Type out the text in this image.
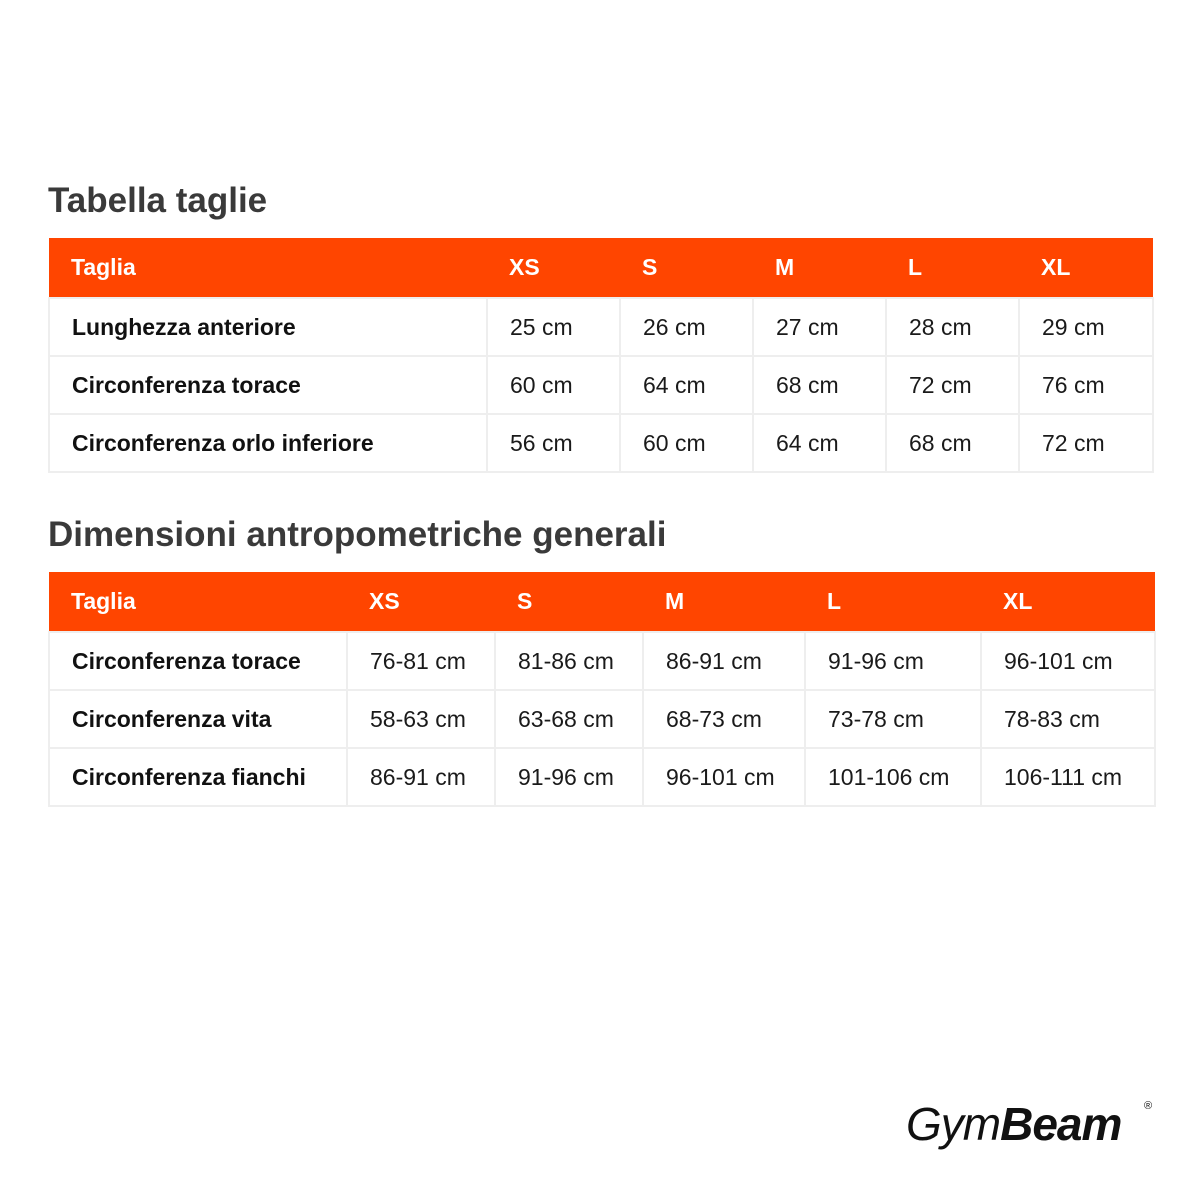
Tabella taglie
Taglia	XS	S	M	L	XL
Lunghezza anteriore	25 cm	26 cm	27 cm	28 cm	29 cm
Circonferenza torace	60 cm	64 cm	68 cm	72 cm	76 cm
Circonferenza orlo inferiore	56 cm	60 cm	64 cm	68 cm	72 cm
Dimensioni antropometriche generali
Taglia	XS	S	M	L	XL
Circonferenza torace	76-81 cm	81-86 cm	86-91 cm	91-96 cm	96-101 cm
Circonferenza vita	58-63 cm	63-68 cm	68-73 cm	73-78 cm	78-83 cm
Circonferenza fianchi	86-91 cm	91-96 cm	96-101 cm	101-106 cm	106-111 cm
GymBeam ®
